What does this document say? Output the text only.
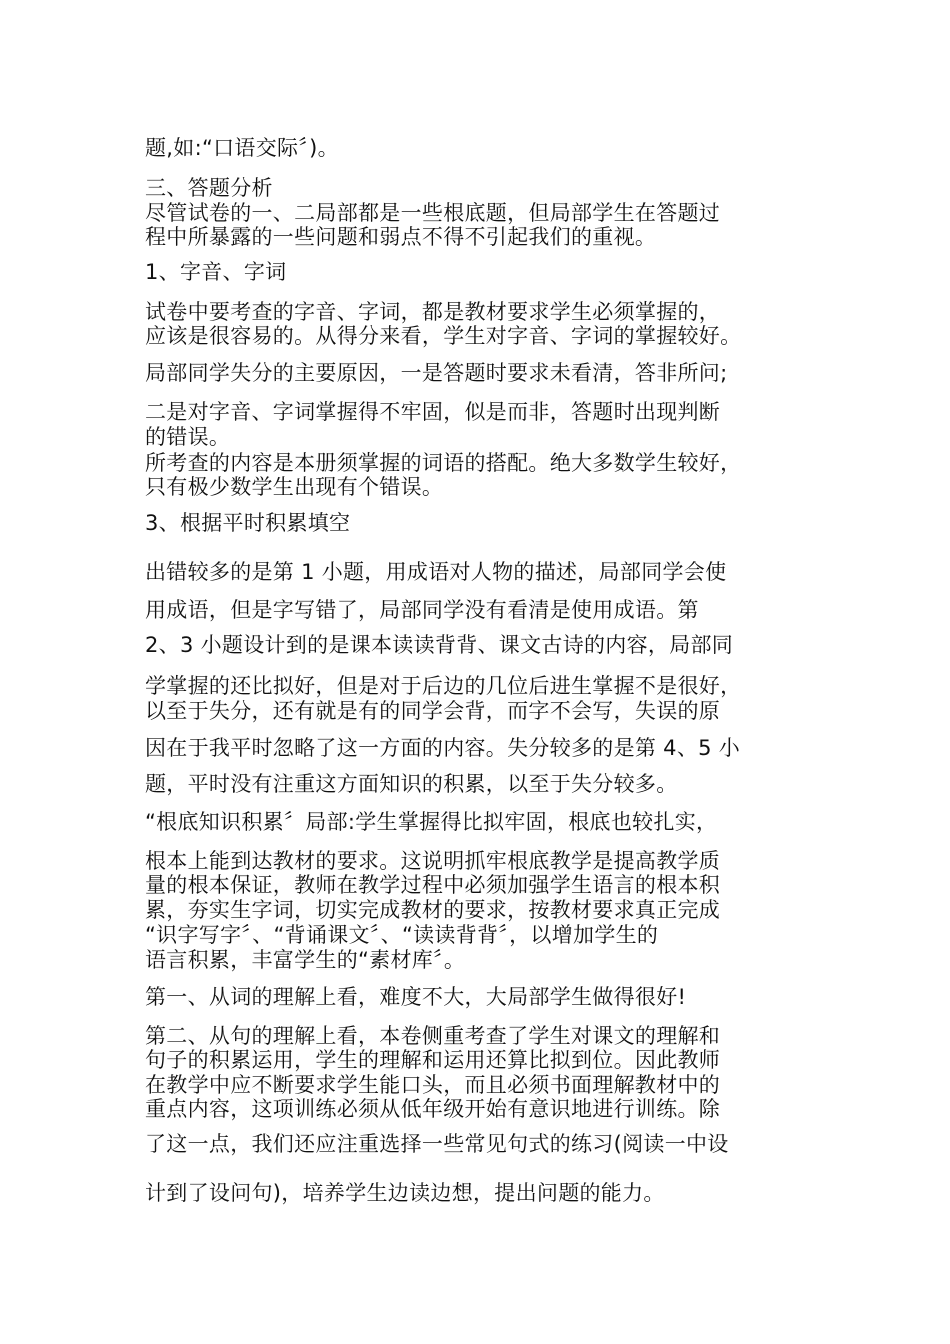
题,如:“口语交际〞)。

三、答题分析

尽管试卷的一、二局部都是一些根底题，但局部学生在答题过

程中所暴露的一些问题和弱点不得不引起我们的重视。

1、字音、字词

试卷中要考查的字音、字词，都是教材要求学生必须掌握的，

应该是很容易的。从得分来看，学生对字音、字词的掌握较好。

局部同学失分的主要原因，一是答题时要求未看清，答非所问;

二是对字音、字词掌握得不牢固，似是而非，答题时出现判断

的错误。

所考查的内容是本册须掌握的词语的搭配。绝大多数学生较好，

只有极少数学生出现有个错误。

3、根据平时积累填空

出错较多的是第 1 小题，用成语对人物的描述，局部同学会使

用成语，但是字写错了，局部同学没有看清是使用成语。第

2、3 小题设计到的是课本读读背背、课文古诗的内容，局部同

学掌握的还比拟好，但是对于后边的几位后进生掌握不是很好，

以至于失分，还有就是有的同学会背，而字不会写，失误的原

因在于我平时忽略了这一方面的内容。失分较多的是第 4、5 小

题，平时没有注重这方面知识的积累，以至于失分较多。

“根底知识积累〞局部:学生掌握得比拟牢固，根底也较扎实，

根本上能到达教材的要求。这说明抓牢根底教学是提高教学质

量的根本保证，教师在教学过程中必须加强学生语言的根本积

累，夯实生字词，切实完成教材的要求，按教材要求真正完成

“识字写字〞、“背诵课文〞、“读读背背〞，以增加学生的

语言积累，丰富学生的“素材库〞。

第一、从词的理解上看，难度不大，大局部学生做得很好!

第二、从句的理解上看，本卷侧重考查了学生对课文的理解和

句子的积累运用，学生的理解和运用还算比拟到位。因此教师

在教学中应不断要求学生能口头，而且必须书面理解教材中的

重点内容，这项训练必须从低年级开始有意识地进行训练。除

了这一点，我们还应注重选择一些常见句式的练习(阅读一中设

计到了设问句)，培养学生边读边想，提出问题的能力。
